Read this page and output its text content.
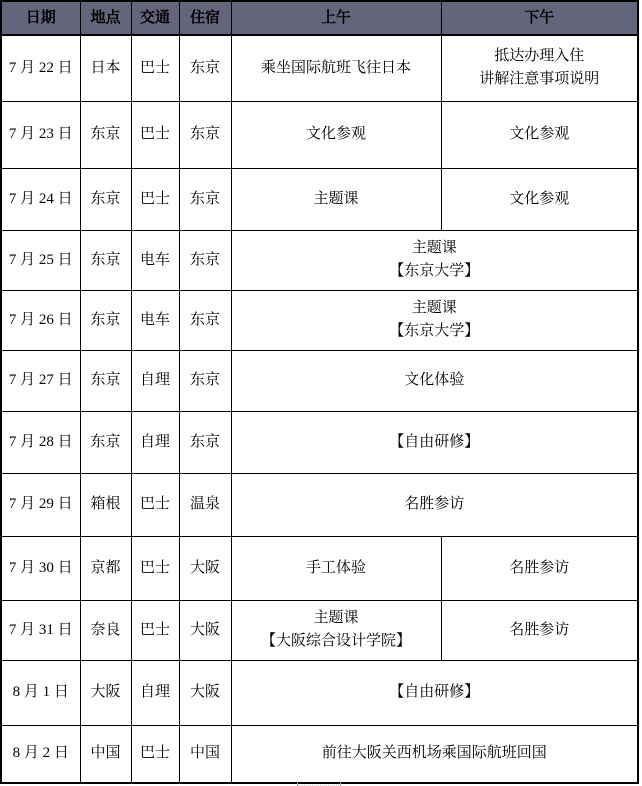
日期	地点	交通	住宿	上午	下午
7 月 22 日	日本	巴士	东京	乘坐国际航班飞往日本	抵达办理入住
讲解注意事项说明
7 月 23 日	东京	巴士	东京	文化参观	文化参观
7 月 24 日	东京	巴士	东京	主题课	文化参观
7 月 25 日	东京	电车	东京	主题课
【东京大学】	
7 月 26 日	东京	电车	东京	主题课
【东京大学】	
7 月 27 日	东京	自理	东京	文化体验	
7 月 28 日	东京	自理	东京	【自由研修】	
7 月 29 日	箱根	巴士	温泉	名胜参访	
7 月 30 日	京都	巴士	大阪	手工体验	名胜参访
7 月 31 日	奈良	巴士	大阪	主题课
【大阪综合设计学院】	名胜参访
8 月 1 日	大阪	自理	大阪	【自由研修】	
8 月 2 日	中国	巴士	中国	前往大阪关西机场乘国际航班回国	
